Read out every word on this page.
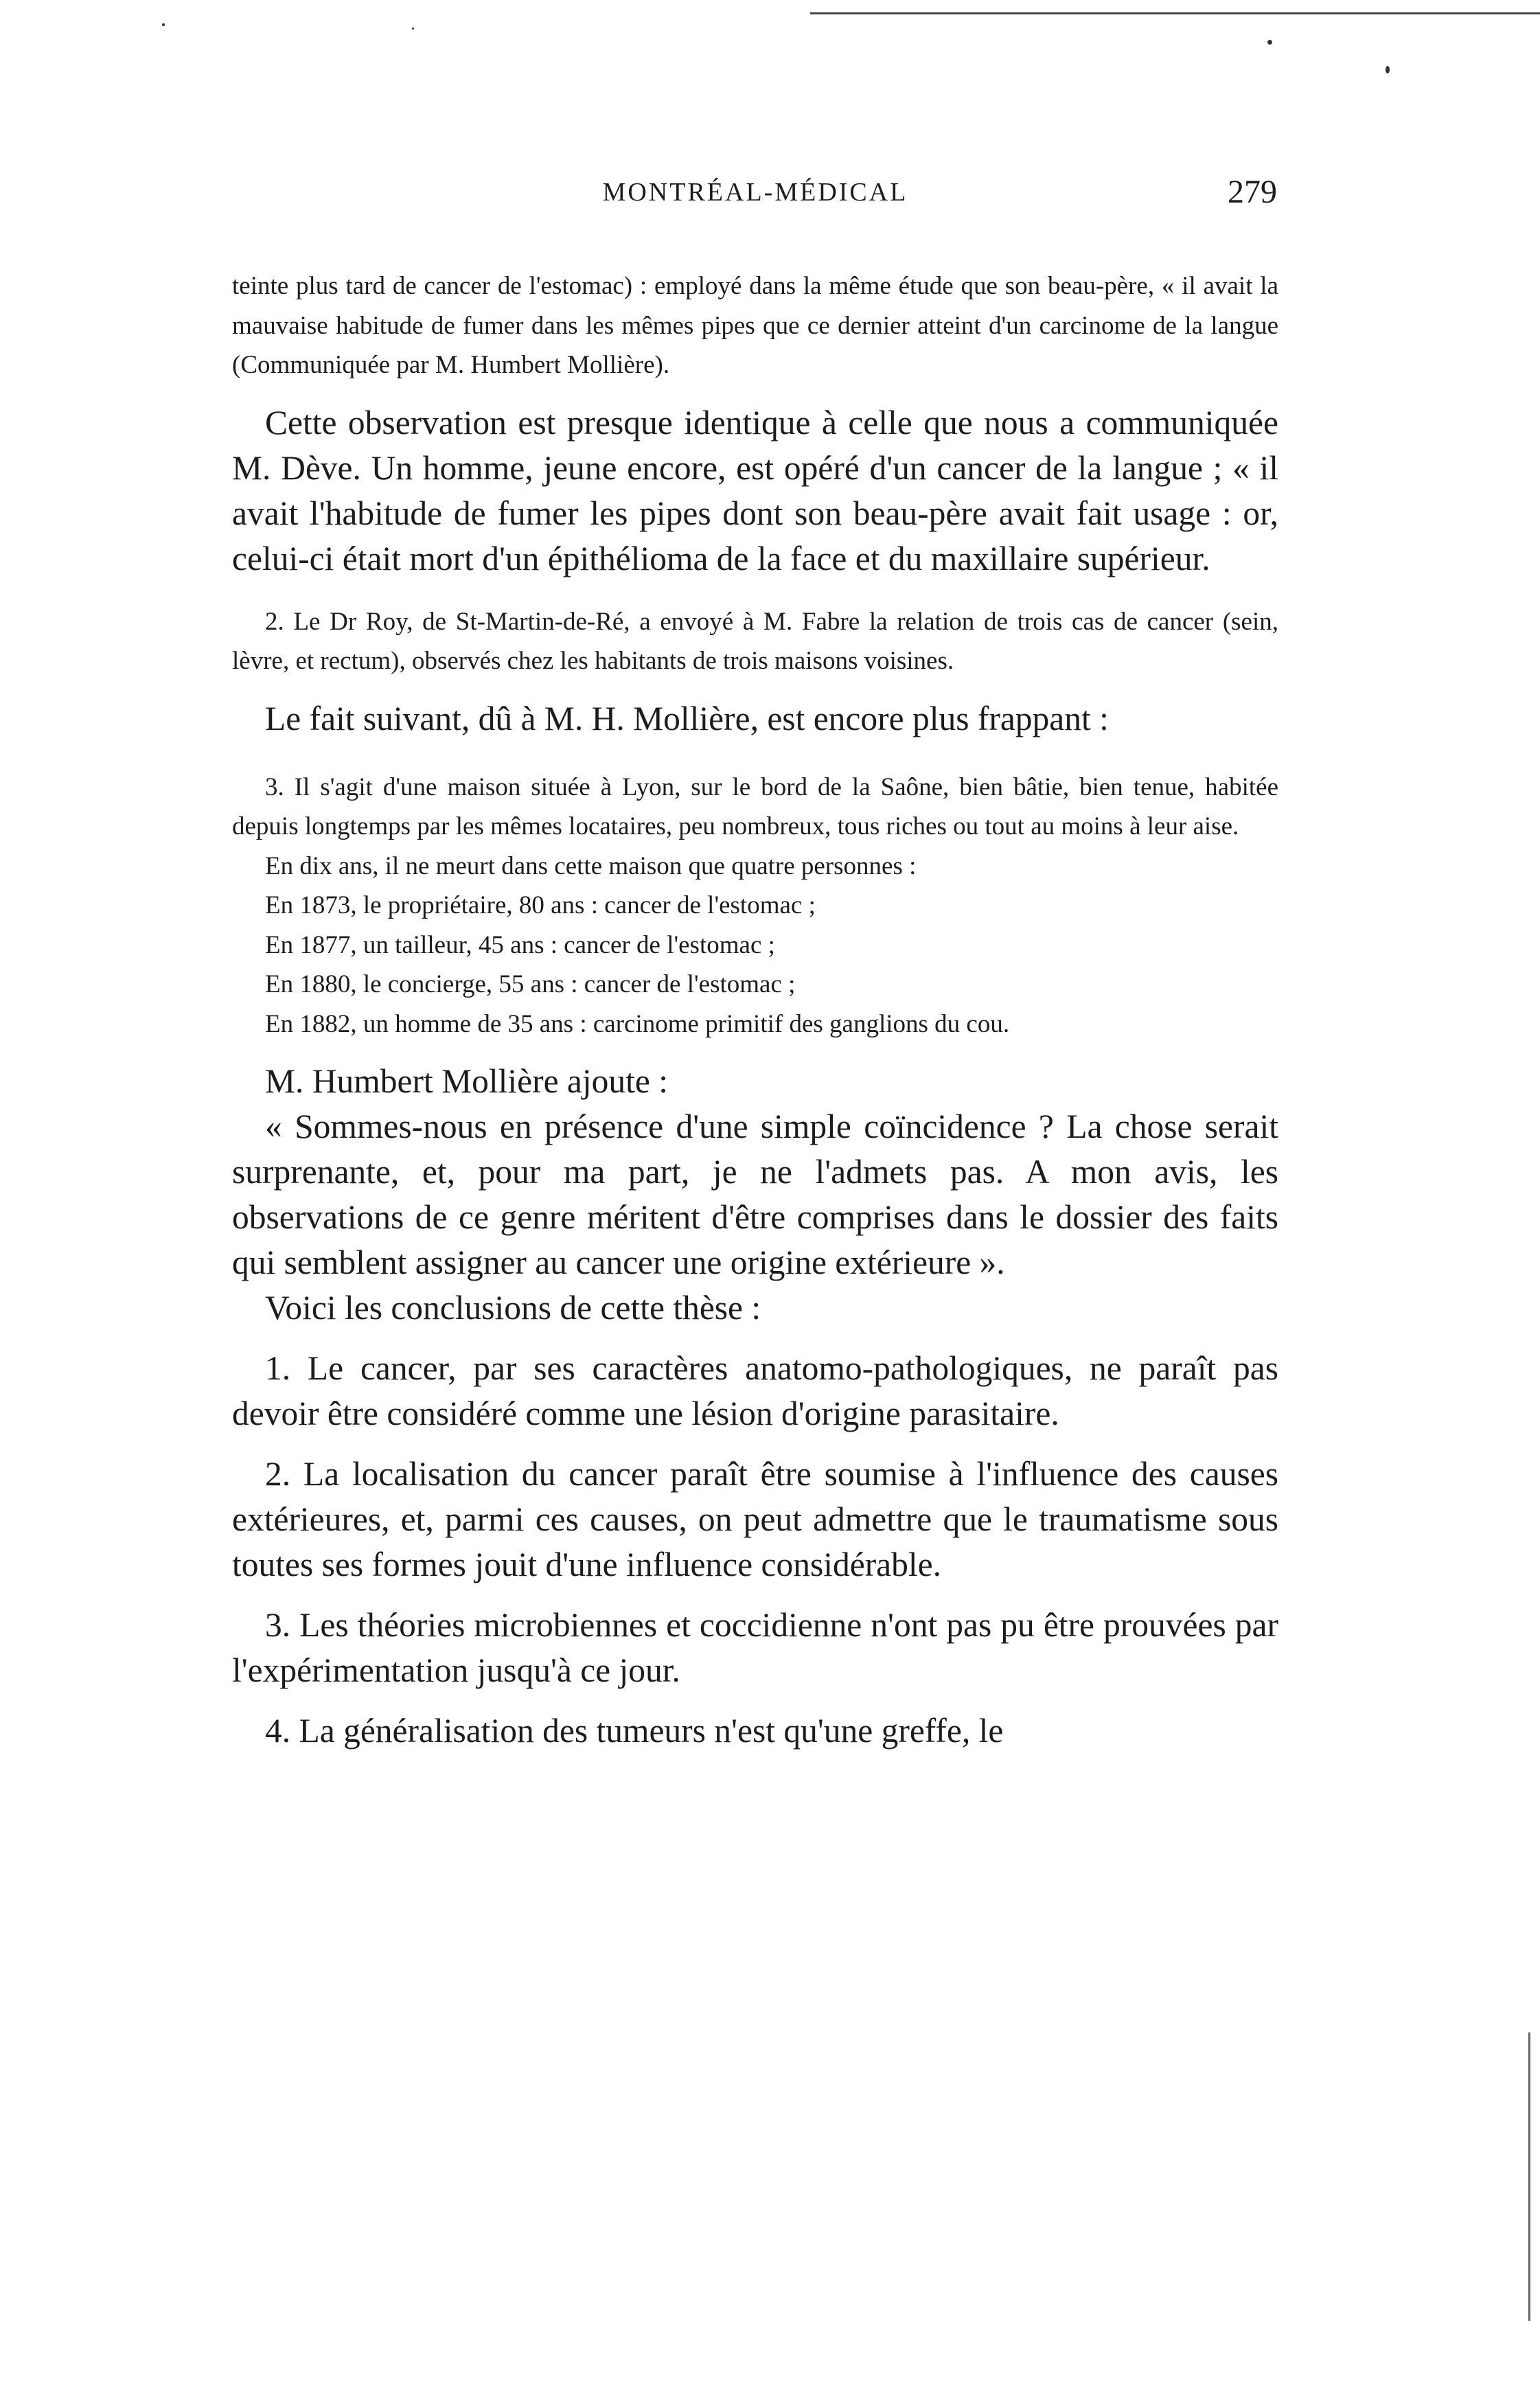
MONTRÉAL-MÉDICAL	279

teinte plus tard de cancer de l'estomac) : employé dans la même étude que son beau-père, « il avait la mauvaise habitude de fumer dans les mêmes pipes que ce dernier atteint d'un carcinome de la langue (Communiquée par M. Humbert Mollière).

Cette observation est presque identique à celle que nous a communiquée M. Dève. Un homme, jeune encore, est opéré d'un cancer de la langue ; « il avait l'habitude de fumer les pipes dont son beau-père avait fait usage : or, celui-ci était mort d'un épithélioma de la face et du maxillaire supérieur.

2. Le Dr Roy, de St-Martin-de-Ré, a envoyé à M. Fabre la relation de trois cas de cancer (sein, lèvre, et rectum), observés chez les habitants de trois maisons voisines.

Le fait suivant, dû à M. H. Mollière, est encore plus frappant :

3. Il s'agit d'une maison située à Lyon, sur le bord de la Saône, bien bâtie, bien tenue, habitée depuis longtemps par les mêmes locataires, peu nombreux, tous riches ou tout au moins à leur aise.

En dix ans, il ne meurt dans cette maison que quatre personnes :

En 1873, le propriétaire, 80 ans : cancer de l'estomac ;

En 1877, un tailleur, 45 ans : cancer de l'estomac ;

En 1880, le concierge, 55 ans : cancer de l'estomac ;

En 1882, un homme de 35 ans : carcinome primitif des ganglions du cou.

M. Humbert Mollière ajoute :

« Sommes-nous en présence d'une simple coïncidence ? La chose serait surprenante, et, pour ma part, je ne l'admets pas. A mon avis, les observations de ce genre méritent d'être comprises dans le dossier des faits qui semblent assigner au cancer une origine extérieure ».

Voici les conclusions de cette thèse :

1. Le cancer, par ses caractères anatomo-pathologiques, ne paraît pas devoir être considéré comme une lésion d'origine parasitaire.

2. La localisation du cancer paraît être soumise à l'influence des causes extérieures, et, parmi ces causes, on peut admettre que le traumatisme sous toutes ses formes jouit d'une influence considérable.

3. Les théories microbiennes et coccidienne n'ont pas pu être prouvées par l'expérimentation jusqu'à ce jour.

4. La généralisation des tumeurs n'est qu'une greffe, le
